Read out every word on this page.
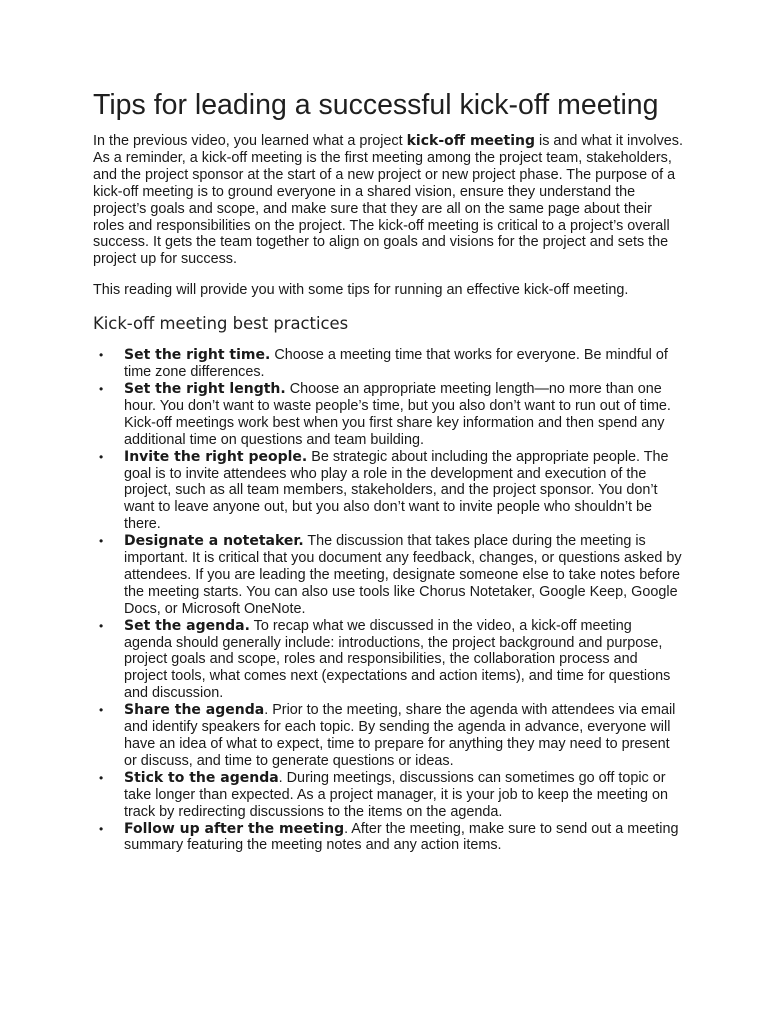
Tips for leading a successful kick-off meeting

In the previous video, you learned what a project kick-off meeting is and what it involves. As a reminder, a kick-off meeting is the first meeting among the project team, stakeholders, and the project sponsor at the start of a new project or new project phase. The purpose of a kick-off meeting is to ground everyone in a shared vision, ensure they understand the project’s goals and scope, and make sure that they are all on the same page about their roles and responsibilities on the project. The kick-off meeting is critical to a project’s overall success. It gets the team together to align on goals and visions for the project and sets the project up for success.

This reading will provide you with some tips for running an effective kick-off meeting.

Kick-off meeting best practices
• Set the right time. Choose a meeting time that works for everyone. Be mindful of time zone differences.
• Set the right length. Choose an appropriate meeting length—no more than one hour. You don’t want to waste people’s time, but you also don’t want to run out of time. Kick-off meetings work best when you first share key information and then spend any additional time on questions and team building.
• Invite the right people. Be strategic about including the appropriate people. The goal is to invite attendees who play a role in the development and execution of the project, such as all team members, stakeholders, and the project sponsor. You don’t want to leave anyone out, but you also don’t want to invite people who shouldn’t be there.
• Designate a notetaker. The discussion that takes place during the meeting is important. It is critical that you document any feedback, changes, or questions asked by attendees. If you are leading the meeting, designate someone else to take notes before the meeting starts. You can also use tools like Chorus Notetaker, Google Keep, Google Docs, or Microsoft OneNote.
• Set the agenda. To recap what we discussed in the video, a kick-off meeting agenda should generally include: introductions, the project background and purpose, project goals and scope, roles and responsibilities, the collaboration process and project tools, what comes next (expectations and action items), and time for questions and discussion.
• Share the agenda. Prior to the meeting, share the agenda with attendees via email and identify speakers for each topic. By sending the agenda in advance, everyone will have an idea of what to expect, time to prepare for anything they may need to present or discuss, and time to generate questions or ideas.
• Stick to the agenda. During meetings, discussions can sometimes go off topic or take longer than expected. As a project manager, it is your job to keep the meeting on track by redirecting discussions to the items on the agenda.
• Follow up after the meeting. After the meeting, make sure to send out a meeting summary featuring the meeting notes and any action items.
